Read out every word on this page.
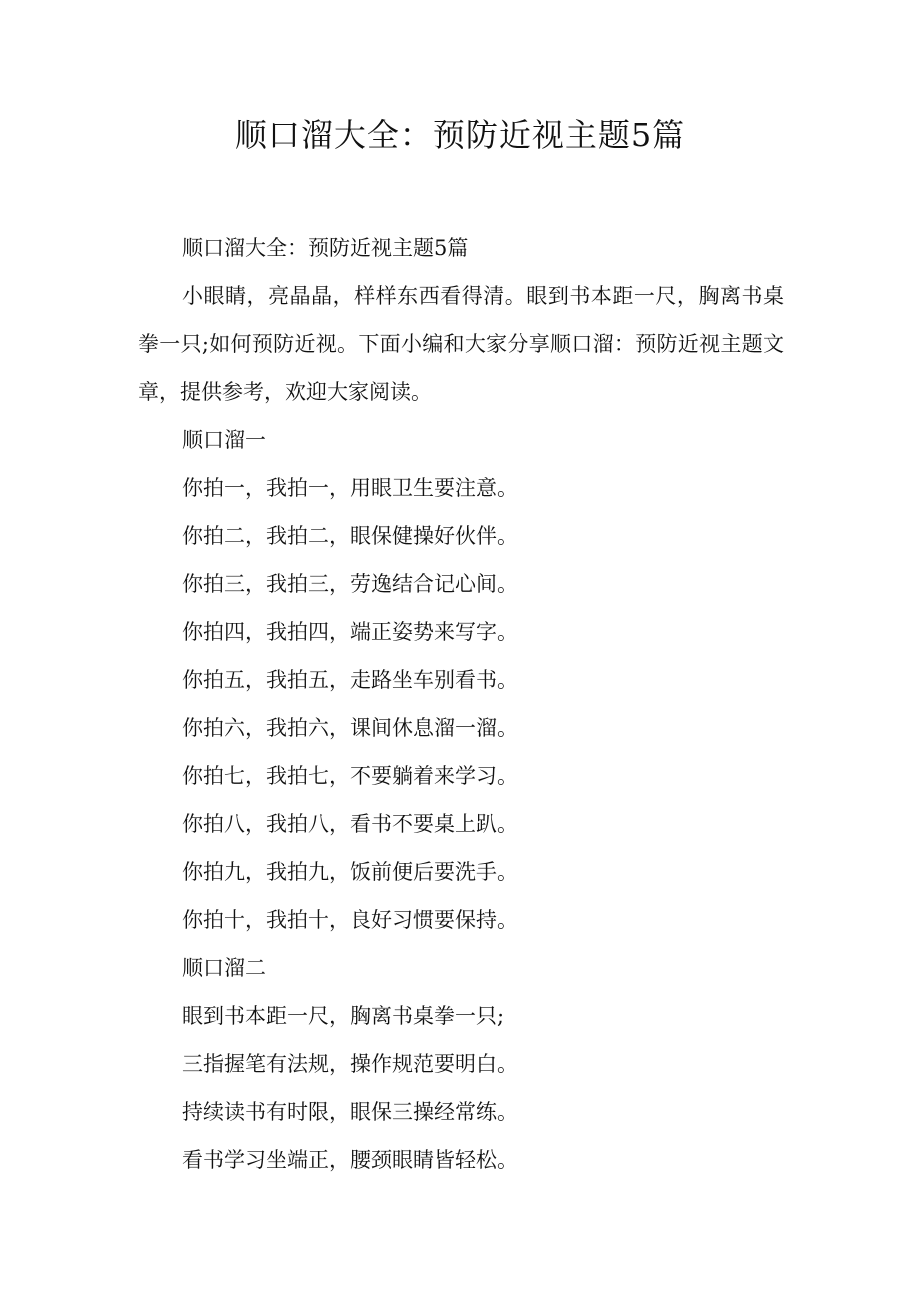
顺口溜大全：预防近视主题5篇

顺口溜大全：预防近视主题5篇

小眼睛，亮晶晶，样样东西看得清。眼到书本距一尺，胸离书桌拳一只;如何预防近视。下面小编和大家分享顺口溜：预防近视主题文章，提供参考，欢迎大家阅读。

顺口溜一

你拍一，我拍一，用眼卫生要注意。

你拍二，我拍二，眼保健操好伙伴。

你拍三，我拍三，劳逸结合记心间。

你拍四，我拍四，端正姿势来写字。

你拍五，我拍五，走路坐车别看书。

你拍六，我拍六，课间休息溜一溜。

你拍七，我拍七，不要躺着来学习。

你拍八，我拍八，看书不要桌上趴。

你拍九，我拍九，饭前便后要洗手。

你拍十，我拍十，良好习惯要保持。

顺口溜二

眼到书本距一尺，胸离书桌拳一只;

三指握笔有法规，操作规范要明白。

持续读书有时限，眼保三操经常练。

看书学习坐端正，腰颈眼睛皆轻松。
